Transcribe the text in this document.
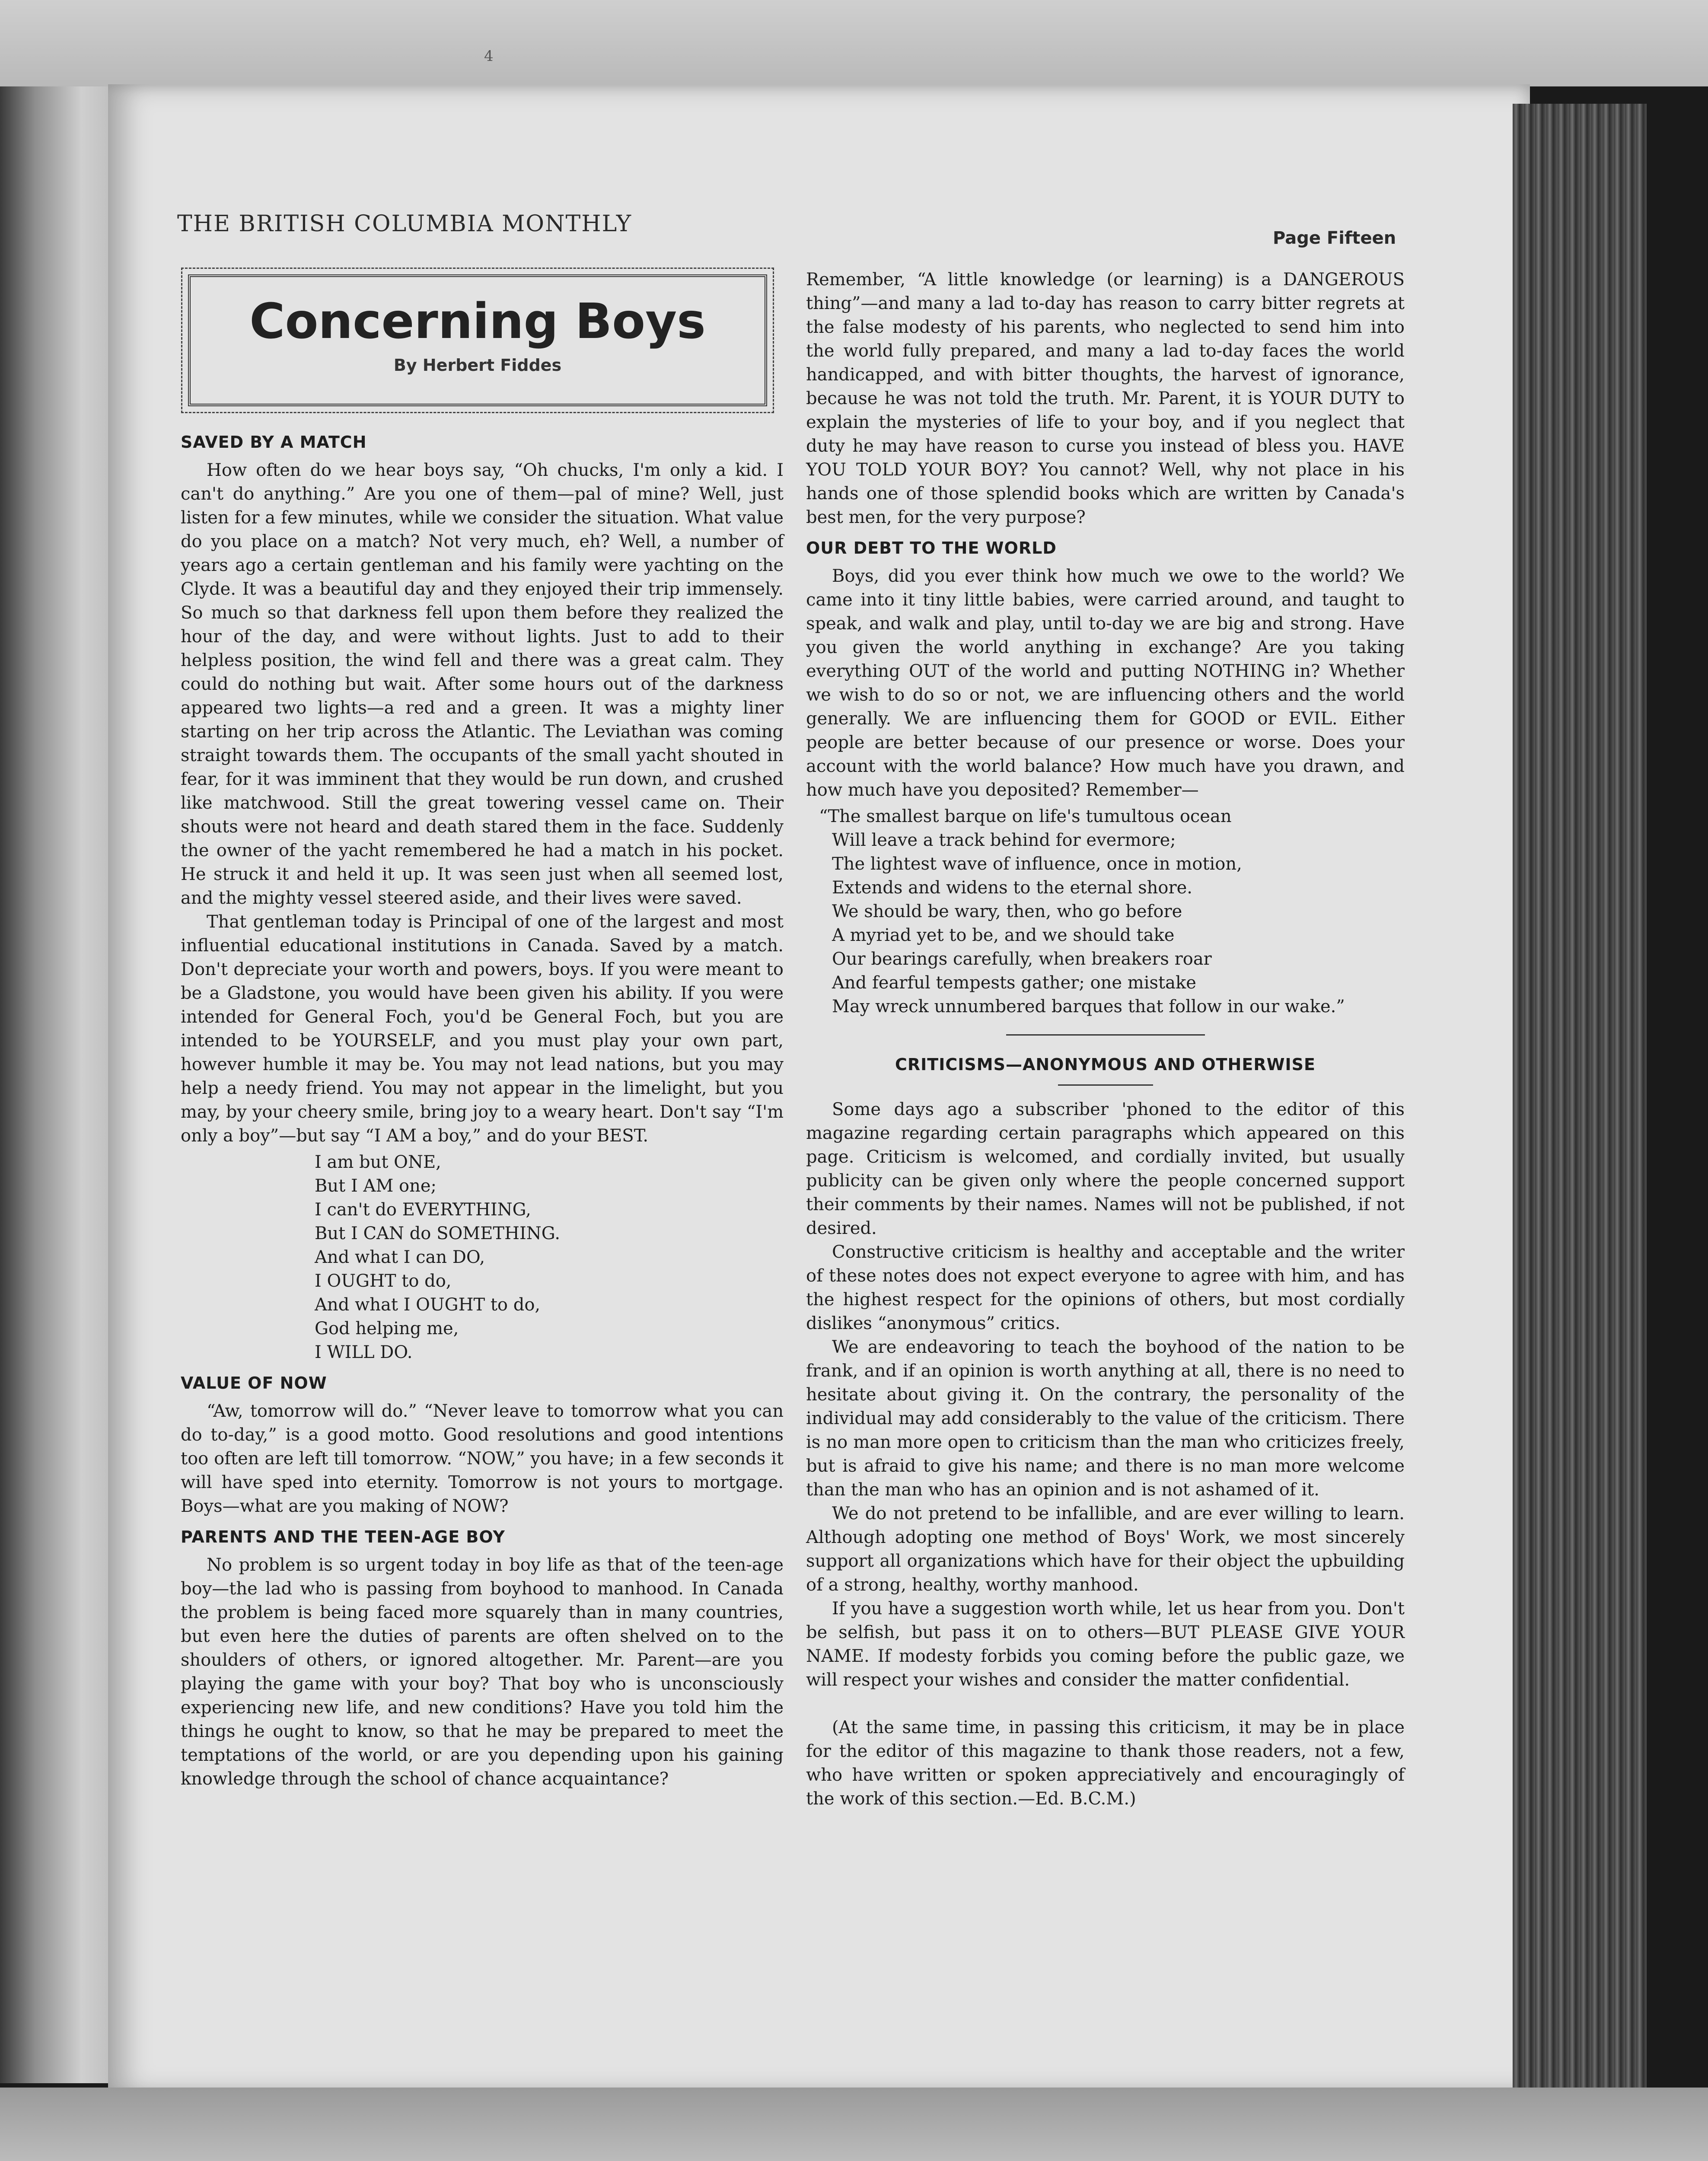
4
THE BRITISH COLUMBIA MONTHLY
Page Fifteen
Concerning Boys
By Herbert Fiddes
SAVED BY A MATCH

How often do we hear boys say, “Oh chucks, I'm only a kid. I can't do anything.” Are you one of them—pal of mine? Well, just listen for a few minutes, while we consider the situation. What value do you place on a match? Not very much, eh? Well, a number of years ago a certain gentleman and his family were yachting on the Clyde. It was a beautiful day and they enjoyed their trip immensely. So much so that darkness fell upon them before they realized the hour of the day, and were without lights. Just to add to their helpless position, the wind fell and there was a great calm. They could do nothing but wait. After some hours out of the darkness appeared two lights—a red and a green. It was a mighty liner starting on her trip across the Atlantic. The Leviathan was coming straight towards them. The occupants of the small yacht shouted in fear, for it was imminent that they would be run down, and crushed like matchwood. Still the great towering vessel came on. Their shouts were not heard and death stared them in the face. Suddenly the owner of the yacht remembered he had a match in his pocket. He struck it and held it up. It was seen just when all seemed lost, and the mighty vessel steered aside, and their lives were saved.

That gentleman today is Principal of one of the largest and most influential educational institutions in Canada. Saved by a match. Don't depreciate your worth and powers, boys. If you were meant to be a Gladstone, you would have been given his ability. If you were intended for General Foch, you'd be General Foch, but you are intended to be YOURSELF, and you must play your own part, however humble it may be. You may not lead nations, but you may help a needy friend. You may not appear in the limelight, but you may, by your cheery smile, bring joy to a weary heart. Don't say “I'm only a boy”—but say “I AM a boy,” and do your BEST.

I am but ONE,
But I AM one;
I can't do EVERYTHING,
But I CAN do SOMETHING.
And what I can DO,
I OUGHT to do,
And what I OUGHT to do,
God helping me,
I WILL DO.
VALUE OF NOW

“Aw, tomorrow will do.” “Never leave to tomorrow what you can do to-day,” is a good motto. Good resolutions and good intentions too often are left till tomorrow. “NOW,” you have; in a few seconds it will have sped into eternity. Tomorrow is not yours to mortgage. Boys—what are you making of NOW?

PARENTS AND THE TEEN-AGE BOY

No problem is so urgent today in boy life as that of the teen-age boy—the lad who is passing from boyhood to manhood. In Canada the problem is being faced more squarely than in many countries, but even here the duties of parents are often shelved on to the shoulders of others, or ignored altogether. Mr. Parent—are you playing the game with your boy? That boy who is unconsciously experiencing new life, and new conditions? Have you told him the things he ought to know, so that he may be prepared to meet the temptations of the world, or are you depending upon his gaining knowledge through the school of chance acquaintance?

Remember, “A little knowledge (or learning) is a DANGEROUS thing”—and many a lad to-day has reason to carry bitter regrets at the false modesty of his parents, who neglected to send him into the world fully prepared, and many a lad to-day faces the world handicapped, and with bitter thoughts, the harvest of ignorance, because he was not told the truth. Mr. Parent, it is YOUR DUTY to explain the mysteries of life to your boy, and if you neglect that duty he may have reason to curse you instead of bless you. HAVE YOU TOLD YOUR BOY? You cannot? Well, why not place in his hands one of those splendid books which are written by Canada's best men, for the very purpose?

OUR DEBT TO THE WORLD

Boys, did you ever think how much we owe to the world? We came into it tiny little babies, were carried around, and taught to speak, and walk and play, until to-day we are big and strong. Have you given the world anything in exchange? Are you taking everything OUT of the world and putting NOTHING in? Whether we wish to do so or not, we are influencing others and the world generally. We are influencing them for GOOD or EVIL. Either people are better because of our presence or worse. Does your account with the world balance? How much have you drawn, and how much have you deposited? Remember—

“The smallest barque on life's tumultous ocean
Will leave a track behind for evermore;
The lightest wave of influence, once in motion,
Extends and widens to the eternal shore.
We should be wary, then, who go before
A myriad yet to be, and we should take
Our bearings carefully, when breakers roar
And fearful tempests gather; one mistake
May wreck unnumbered barques that follow in our wake.”
CRITICISMS—ANONYMOUS AND OTHERWISE

Some days ago a subscriber 'phoned to the editor of this magazine regarding certain paragraphs which appeared on this page. Criticism is welcomed, and cordially invited, but usually publicity can be given only where the people concerned support their comments by their names. Names will not be published, if not desired.

Constructive criticism is healthy and acceptable and the writer of these notes does not expect everyone to agree with him, and has the highest respect for the opinions of others, but most cordially dislikes “anonymous” critics.

We are endeavoring to teach the boyhood of the nation to be frank, and if an opinion is worth anything at all, there is no need to hesitate about giving it. On the contrary, the personality of the individual may add considerably to the value of the criticism. There is no man more open to criticism than the man who criticizes freely, but is afraid to give his name; and there is no man more welcome than the man who has an opinion and is not ashamed of it.

We do not pretend to be infallible, and are ever willing to learn. Although adopting one method of Boys' Work, we most sincerely support all organizations which have for their object the upbuilding of a strong, healthy, worthy manhood.

If you have a suggestion worth while, let us hear from you. Don't be selfish, but pass it on to others—BUT PLEASE GIVE YOUR NAME. If modesty forbids you coming before the public gaze, we will respect your wishes and consider the matter confidential.

(At the same time, in passing this criticism, it may be in place for the editor of this magazine to thank those readers, not a few, who have written or spoken appreciatively and encouragingly of the work of this section.—Ed. B.C.M.)
